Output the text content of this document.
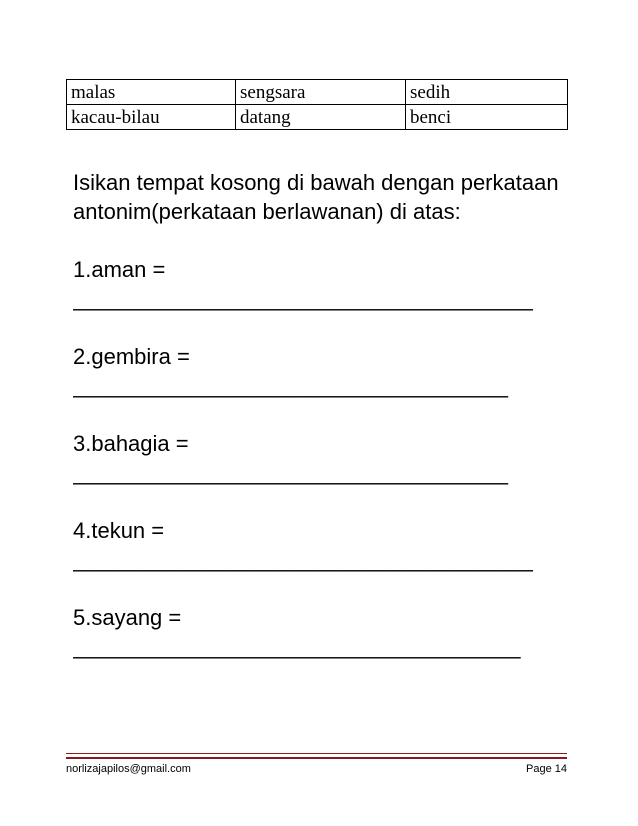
malas	sengsara	sedih
kacau-bilau	datang	benci

Isikan tempat kosong di bawah dengan perkataan antonim(perkataan berlawanan) di atas:

1.aman =
_____________________________________
2.gembira =
___________________________________
3.bahagia =
___________________________________
4.tekun =
_____________________________________
5.sayang =
____________________________________
norlizajapilos@gmail.com	Page 14
